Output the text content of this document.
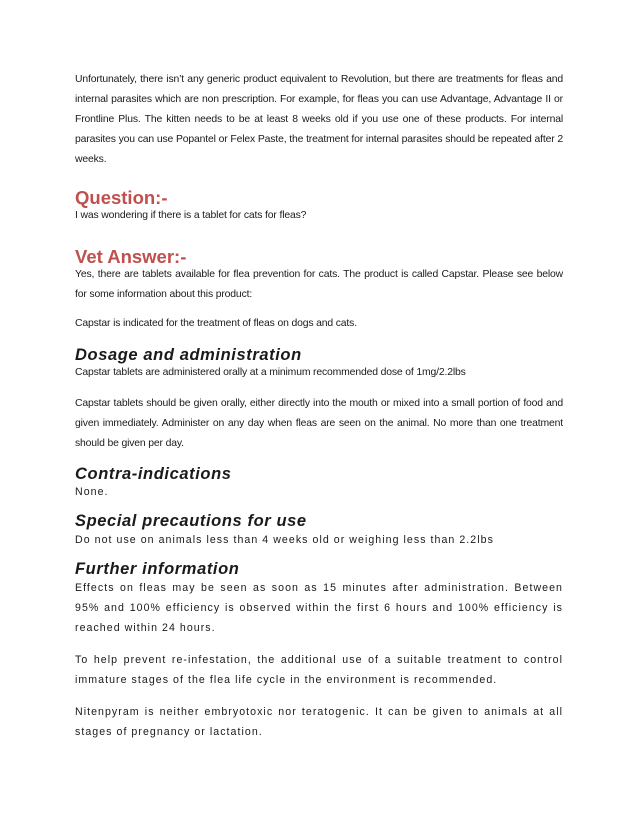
Unfortunately, there isn’t any generic product equivalent to Revolution, but there are treatments for fleas and internal parasites which are non prescription. For example, for fleas you can use Advantage, Advantage II or Frontline Plus. The kitten needs to be at least 8 weeks old if you use one of these products. For internal parasites you can use Popantel or Felex Paste, the treatment for internal parasites should be repeated after 2 weeks.

Question:-

I was wondering if there is a tablet for cats for fleas?

Vet Answer:-

Yes, there are tablets available for flea prevention for cats. The product is called Capstar. Please see below for some information about this product:

Capstar is indicated for the treatment of fleas on dogs and cats.

Dosage and administration

Capstar tablets are administered orally at a minimum recommended dose of 1mg/2.2lbs

Capstar tablets should be given orally, either directly into the mouth or mixed into a small portion of food and given immediately. Administer on any day when fleas are seen on the animal. No more than one treatment should be given per day.

Contra-indications

None.

Special precautions for use

Do not use on animals less than 4 weeks old or weighing less than 2.2lbs

Further information

Effects on fleas may be seen as soon as 15 minutes after administration. Between 95% and 100% efficiency is observed within the first 6 hours and 100% efficiency is reached within 24 hours.

To help prevent re-infestation, the additional use of a suitable treatment to control immature stages of the flea life cycle in the environment is recommended.

Nitenpyram is neither embryotoxic nor teratogenic. It can be given to animals at all stages of pregnancy or lactation.
